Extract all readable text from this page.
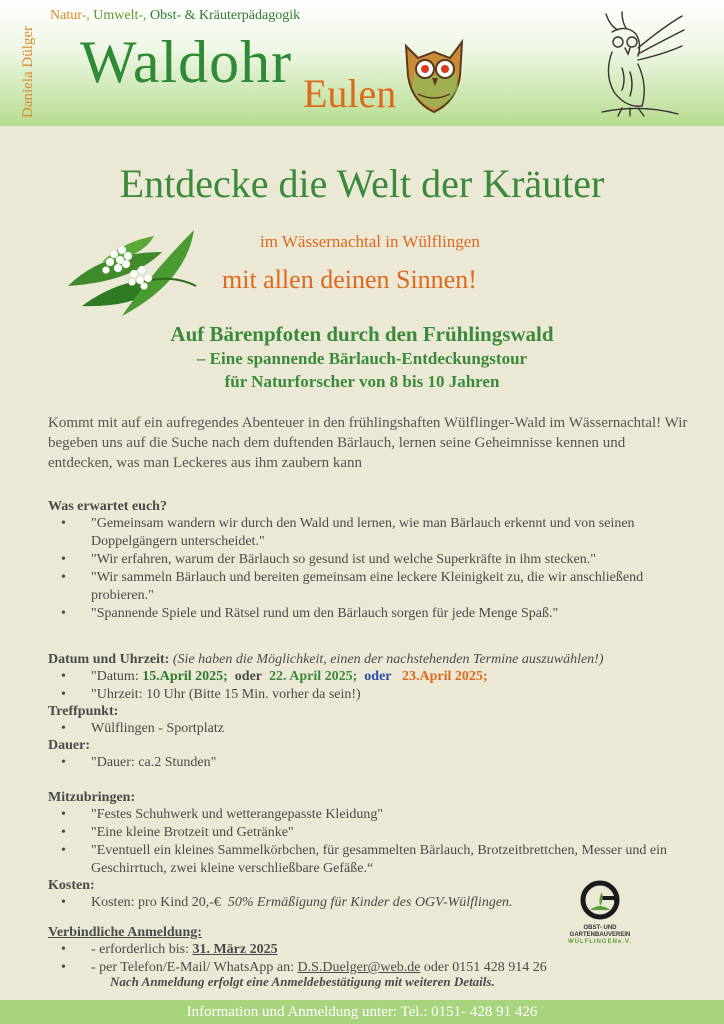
Daniela Dülger
Natur-, Umwelt-, Obst- & Kräuterpädagogik
Waldohr Eulen
Entdecke die Welt der Kräuter
im Wässernachtal in Wülflingen
mit allen deinen Sinnen!
Auf Bärenpfoten durch den Frühlingswald
– Eine spannende Bärlauch-Entdeckungstour
für Naturforscher von 8 bis 10 Jahren
Kommt mit auf ein aufregendes Abenteuer in den frühlingshaften Wülflinger-Wald im Wässernachtal! Wir begeben uns auf die Suche nach dem duftenden Bärlauch, lernen seine Geheimnisse kennen und entdecken, was man Leckeres aus ihm zaubern kann
Was erwartet euch?
• "Gemeinsam wandern wir durch den Wald und lernen, wie man Bärlauch erkennt und von seinen Doppelgängern unterscheidet."
• "Wir erfahren, warum der Bärlauch so gesund ist und welche Superkräfte in ihm stecken."
• "Wir sammeln Bärlauch und bereiten gemeinsam eine leckere Kleinigkeit zu, die wir anschließend probieren."
• "Spannende Spiele und Rätsel rund um den Bärlauch sorgen für jede Menge Spaß."
Datum und Uhrzeit: (Sie haben die Möglichkeit, einen der nachstehenden Termine auszuwählen!)
• "Datum: 15.April 2025; oder 22. April 2025; oder 23.April 2025;
• "Uhrzeit: 10 Uhr (Bitte 15 Min. vorher da sein!)
Treffpunkt:
• Wülflingen - Sportplatz
Dauer:
• "Dauer: ca.2 Stunden"
Mitzubringen:
• "Festes Schuhwerk und wetterangepasste Kleidung"
• "Eine kleine Brotzeit und Getränke"
• "Eventuell ein kleines Sammelkörbchen, für gesammelten Bärlauch, Brotzeitbrettchen, Messer und ein Geschirrtuch, zwei kleine verschließbare Gefäße.“
Kosten:
• Kosten: pro Kind 20,-€ 50% Ermäßigung für Kinder des OGV-Wülflingen.
Verbindliche Anmeldung:
• - erforderlich bis: 31. März 2025
• - per Telefon/E-Mail/ WhatsApp an: D.S.Duelger@web.de oder 0151 428 914 26
Nach Anmeldung erfolgt eine Anmeldebestätigung mit weiteren Details.
OBST- UND
GARTENBAUVEREIN
WÜLFLINGENe.V.
Information und Anmeldung unter: Tel.: 0151- 428 91 426
